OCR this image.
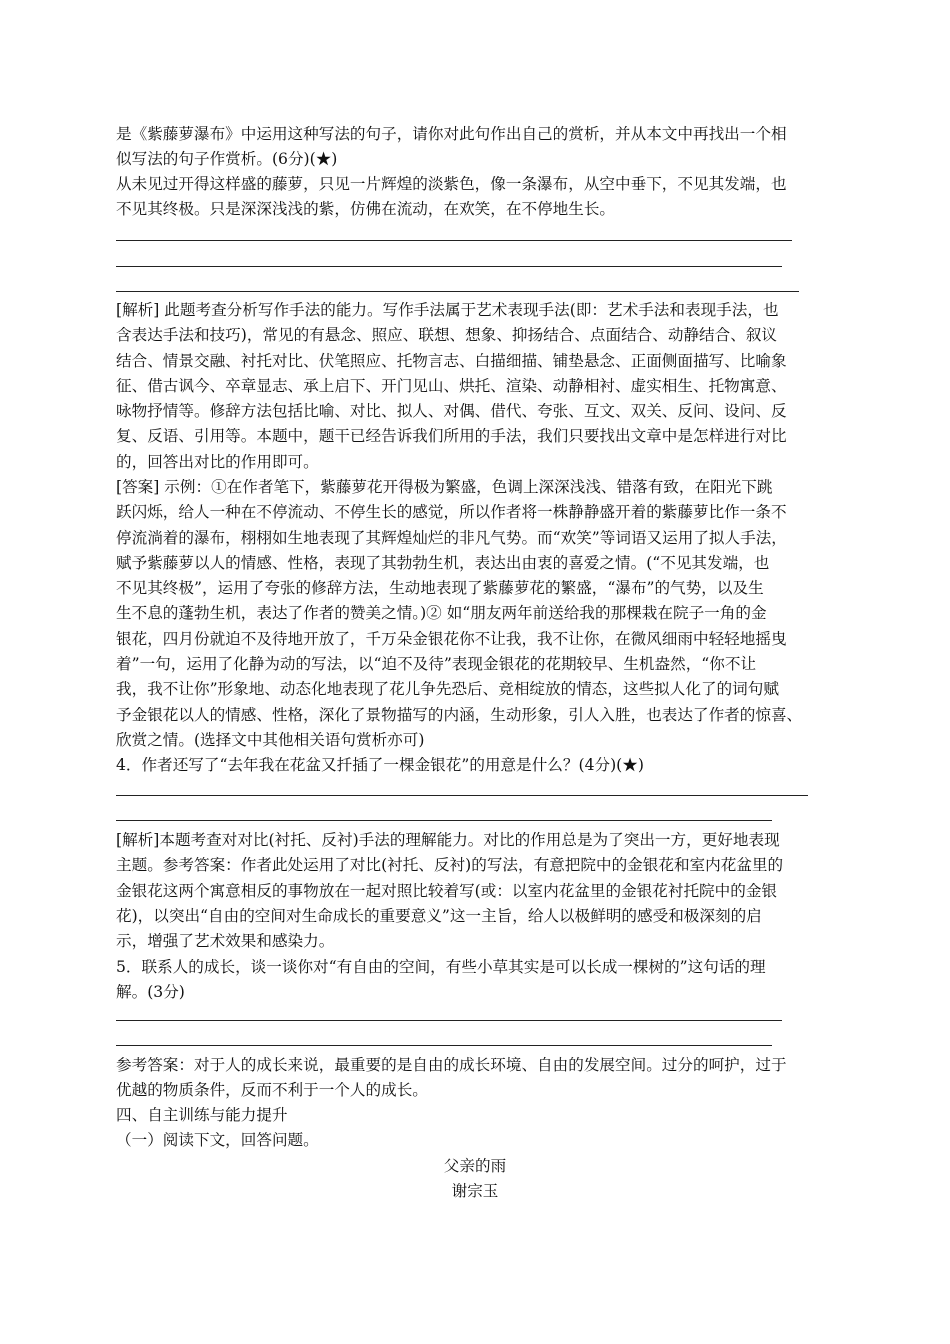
是《紫藤萝瀑布》中运用这种写法的句子，请你对此句作出自己的赏析，并从本文中再找出一个相

似写法的句子作赏析。(6分)(★)

从未见过开得这样盛的藤萝，只见一片辉煌的淡紫色，像一条瀑布，从空中垂下，不见其发端，也

不见其终极。只是深深浅浅的紫，仿佛在流动，在欢笑，在不停地生长。

[解析] 此题考查分析写作手法的能力。写作手法属于艺术表现手法(即：艺术手法和表现手法，也

含表达手法和技巧)，常见的有悬念、照应、联想、想象、抑扬结合、点面结合、动静结合、叙议

结合、情景交融、衬托对比、伏笔照应、托物言志、白描细描、铺垫悬念、正面侧面描写、比喻象

征、借古讽今、卒章显志、承上启下、开门见山、烘托、渲染、动静相衬、虚实相生、托物寓意、

咏物抒情等。修辞方法包括比喻、对比、拟人、对偶、借代、夸张、互文、双关、反问、设问、反

复、反语、引用等。本题中，题干已经告诉我们所用的手法，我们只要找出文章中是怎样进行对比

的，回答出对比的作用即可。

[答案] 示例：①在作者笔下，紫藤萝花开得极为繁盛，色调上深深浅浅、错落有致，在阳光下跳

跃闪烁，给人一种在不停流动、不停生长的感觉，所以作者将一株静静盛开着的紫藤萝比作一条不

停流淌着的瀑布，栩栩如生地表现了其辉煌灿烂的非凡气势。而“欢笑”等词语又运用了拟人手法，

赋予紫藤萝以人的情感、性格，表现了其勃勃生机，表达出由衷的喜爱之情。(“不见其发端，也

不见其终极”，运用了夸张的修辞方法，生动地表现了紫藤萝花的繁盛，“瀑布”的气势，以及生

生不息的蓬勃生机，表达了作者的赞美之情。)② 如“朋友两年前送给我的那棵栽在院子一角的金

银花，四月份就迫不及待地开放了，千万朵金银花你不让我，我不让你，在微风细雨中轻轻地摇曳

着”一句，运用了化静为动的写法，以“迫不及待”表现金银花的花期较早、生机盎然，“你不让

我，我不让你”形象地、动态化地表现了花儿争先恐后、竞相绽放的情态，这些拟人化了的词句赋

予金银花以人的情感、性格，深化了景物描写的内涵，生动形象，引人入胜，也表达了作者的惊喜、

欣赏之情。(选择文中其他相关语句赏析亦可)

4．作者还写了“去年我在花盆又扦插了一棵金银花”的用意是什么？(4分)(★)

[解析]本题考查对对比(衬托、反衬)手法的理解能力。对比的作用总是为了突出一方，更好地表现

主题。参考答案：作者此处运用了对比(衬托、反衬)的写法，有意把院中的金银花和室内花盆里的

金银花这两个寓意相反的事物放在一起对照比较着写(或：以室内花盆里的金银花衬托院中的金银

花)，以突出“自由的空间对生命成长的重要意义”这一主旨，给人以极鲜明的感受和极深刻的启

示，增强了艺术效果和感染力。

5．联系人的成长，谈一谈你对“有自由的空间，有些小草其实是可以长成一棵树的”这句话的理

解。(3分)

参考答案：对于人的成长来说，最重要的是自由的成长环境、自由的发展空间。过分的呵护，过于

优越的物质条件，反而不利于一个人的成长。

四、自主训练与能力提升

（一）阅读下文，回答问题。

父亲的雨
谢宗玉
